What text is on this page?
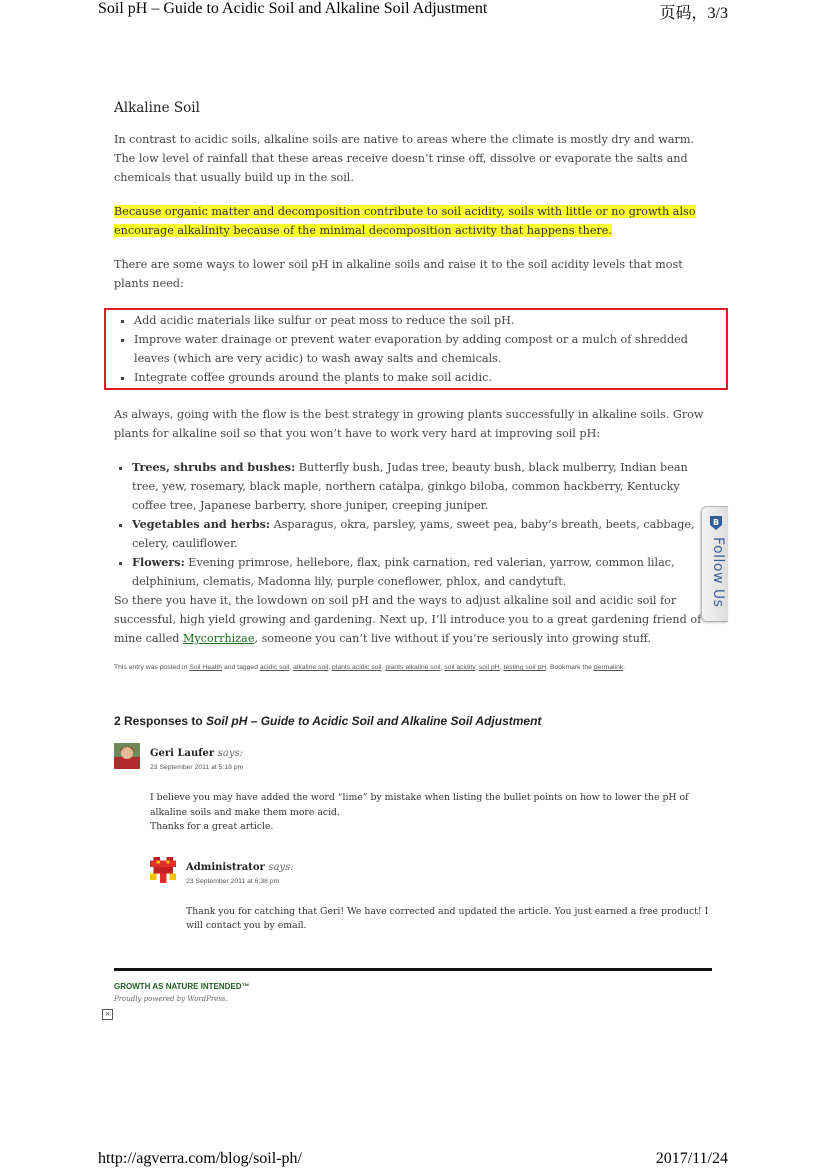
Soil pH – Guide to Acidic Soil and Alkaline Soil Adjustment	页码，3/3
Alkaline Soil

In contrast to acidic soils, alkaline soils are native to areas where the climate is mostly dry and warm. The low level of rainfall that these areas receive doesn’t rinse off, dissolve or evaporate the salts and chemicals that usually build up in the soil.

Because organic matter and decomposition contribute to soil acidity, soils with little or no growth also encourage alkalinity because of the minimal decomposition activity that happens there.

There are some ways to lower soil pH in alkaline soils and raise it to the soil acidity levels that most plants need:

▪ Add acidic materials like sulfur or peat moss to reduce the soil pH.
▪ Improve water drainage or prevent water evaporation by adding compost or a mulch of shredded leaves (which are very acidic) to wash away salts and chemicals.
▪ Integrate coffee grounds around the plants to make soil acidic.

As always, going with the flow is the best strategy in growing plants successfully in alkaline soils. Grow plants for alkaline soil so that you won’t have to work very hard at improving soil pH:

▪ Trees, shrubs and bushes: Butterfly bush, Judas tree, beauty bush, black mulberry, Indian bean tree, yew, rosemary, black maple, northern catalpa, ginkgo biloba, common hackberry, Kentucky coffee tree, Japanese barberry, shore juniper, creeping juniper.
▪ Vegetables and herbs: Asparagus, okra, parsley, yams, sweet pea, baby’s breath, beets, cabbage, celery, cauliflower.
▪ Flowers: Evening primrose, hellebore, flax, pink carnation, red valerian, yarrow, common lilac, delphinium, clematis, Madonna lily, purple coneflower, phlox, and candytuft.

So there you have it, the lowdown on soil pH and the ways to adjust alkaline soil and acidic soil for successful, high yield growing and gardening. Next up, I’ll introduce you to a great gardening friend of mine called Mycorrhizae, someone you can’t live without if you’re seriously into growing stuff.

This entry was posted in Soil Health and tagged acidic soil, alkaline soil, plants acidic soil, plants alkaline soil, soil acidity, soil pH, testing soil pH. Bookmark the permalink.
2 Responses to Soil pH – Guide to Acidic Soil and Alkaline Soil Adjustment
Geri Laufer says:
23 September 2011 at 5:18 pm
I believe you may have added the word “lime” by mistake when listing the bullet points on how to lower the pH of alkaline soils and make them more acid.
Thanks for a great article.
Administrator says:
23 September 2011 at 6:38 pm
Thank you for catching that Geri! We have corrected and updated the article. You just earned a free product! I will contact you by email.
GROWTH AS NATURE INTENDED™
Proudly powered by WordPress.
×
B
Follow Us
http://agverra.com/blog/soil-ph/	2017/11/24
